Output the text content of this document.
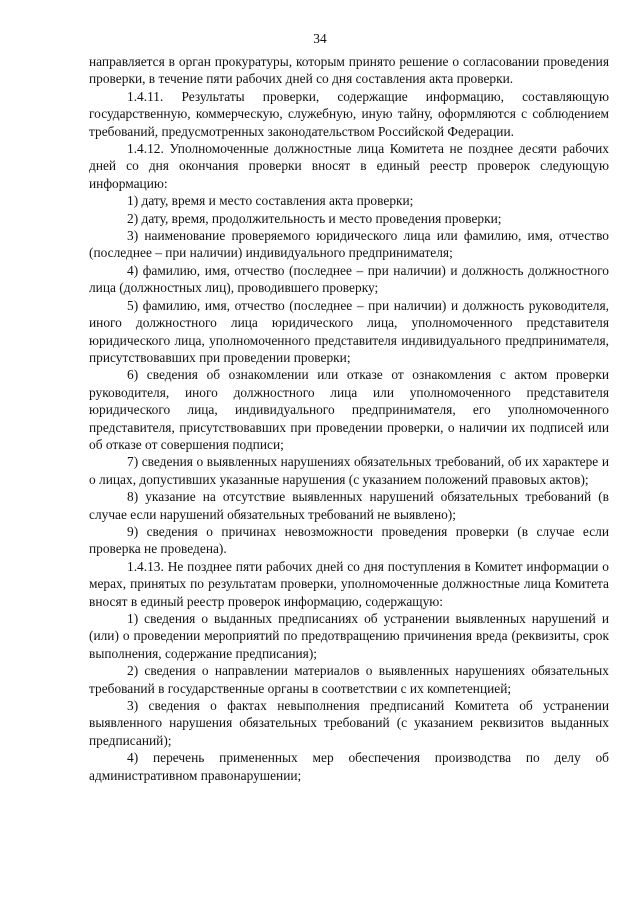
34

направляется в орган прокуратуры, которым принято решение о согласовании проведения проверки, в течение пяти рабочих дней со дня составления акта проверки.

1.4.11. Результаты проверки, содержащие информацию, составляющую государственную, коммерческую, служебную, иную тайну, оформляются с соблюдением требований, предусмотренных законодательством Российской Федерации.

1.4.12. Уполномоченные должностные лица Комитета не позднее десяти рабочих дней со дня окончания проверки вносят в единый реестр проверок следующую информацию:

1) дату, время и место составления акта проверки;

2) дату, время, продолжительность и место проведения проверки;

3) наименование проверяемого юридического лица или фамилию, имя, отчество (последнее – при наличии) индивидуального предпринимателя;

4) фамилию, имя, отчество (последнее – при наличии) и должность должностного лица (должностных лиц), проводившего проверку;

5) фамилию, имя, отчество (последнее – при наличии) и должность руководителя, иного должностного лица юридического лица, уполномоченного представителя юридического лица, уполномоченного представителя индивидуального предпринимателя, присутствовавших при проведении проверки;

6) сведения об ознакомлении или отказе от ознакомления с актом проверки руководителя, иного должностного лица или уполномоченного представителя юридического лица, индивидуального предпринимателя, его уполномоченного представителя, присутствовавших при проведении проверки, о наличии их подписей или об отказе от совершения подписи;

7) сведения о выявленных нарушениях обязательных требований, об их характере и о лицах, допустивших указанные нарушения (с указанием положений правовых актов);

8) указание на отсутствие выявленных нарушений обязательных требований (в случае если нарушений обязательных требований не выявлено);

9) сведения о причинах невозможности проведения проверки (в случае если проверка не проведена).

1.4.13. Не позднее пяти рабочих дней со дня поступления в Комитет информации о мерах, принятых по результатам проверки, уполномоченные должностные лица Комитета вносят в единый реестр проверок информацию, содержащую:

1) сведения о выданных предписаниях об устранении выявленных нарушений и (или) о проведении мероприятий по предотвращению причинения вреда (реквизиты, срок выполнения, содержание предписания);

2) сведения о направлении материалов о выявленных нарушениях обязательных требований в государственные органы в соответствии с их компетенцией;

3) сведения о фактах невыполнения предписаний Комитета об устранении выявленного нарушения обязательных требований (с указанием реквизитов выданных предписаний);

4) перечень примененных мер обеспечения производства по делу об административном правонарушении;
